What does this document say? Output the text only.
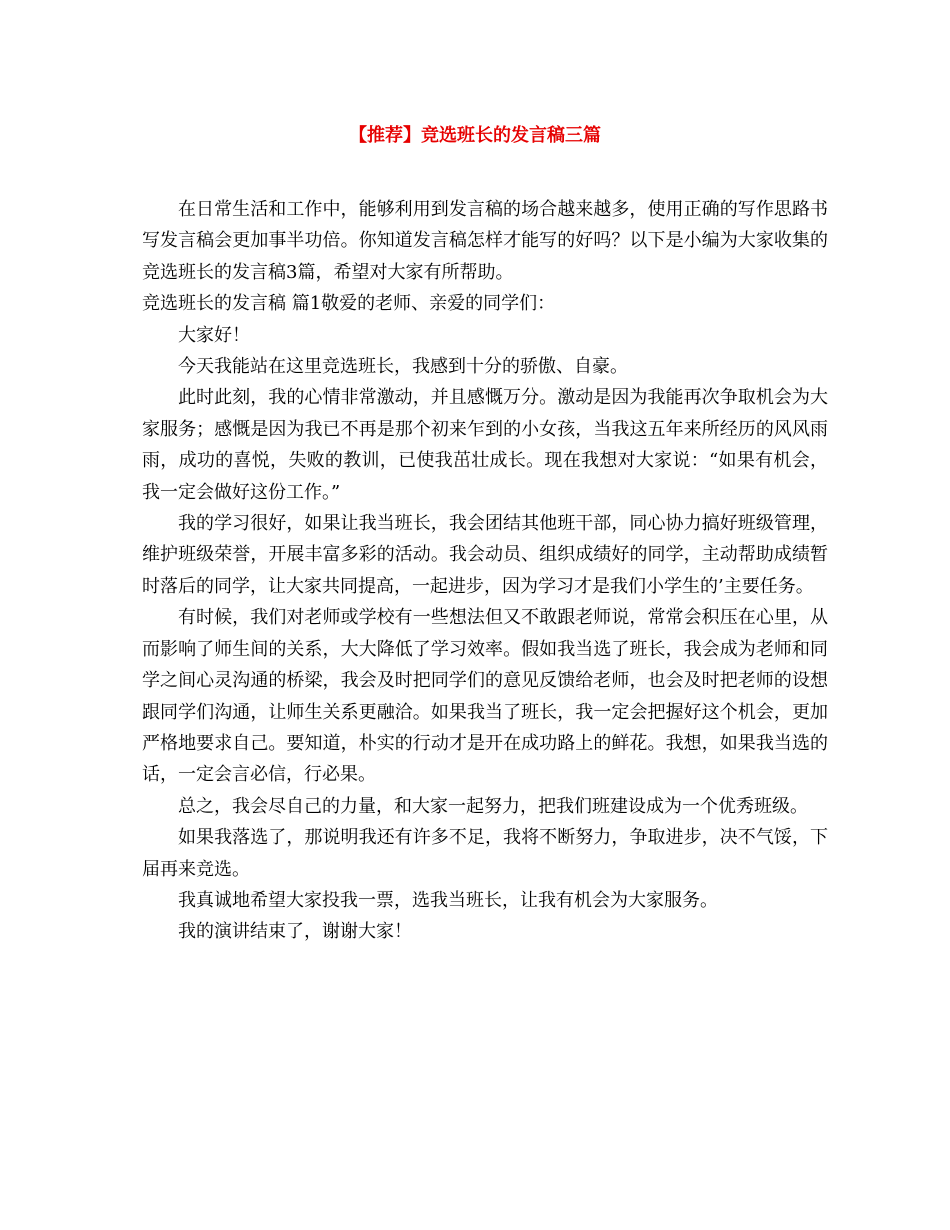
【推荐】竞选班长的发言稿三篇

在日常生活和工作中，能够利用到发言稿的场合越来越多，使用正确的写作思路书写发言稿会更加事半功倍。你知道发言稿怎样才能写的好吗？以下是小编为大家收集的竞选班长的发言稿3篇，希望对大家有所帮助。

竞选班长的发言稿 篇1敬爱的老师、亲爱的同学们：

大家好！

今天我能站在这里竞选班长，我感到十分的骄傲、自豪。

此时此刻，我的心情非常激动，并且感慨万分。激动是因为我能再次争取机会为大家服务；感慨是因为我已不再是那个初来乍到的小女孩，当我这五年来所经历的风风雨雨，成功的喜悦，失败的教训，已使我茁壮成长。现在我想对大家说：“如果有机会，我一定会做好这份工作。”

我的学习很好，如果让我当班长，我会团结其他班干部，同心协力搞好班级管理，维护班级荣誉，开展丰富多彩的活动。我会动员、组织成绩好的同学，主动帮助成绩暂时落后的同学，让大家共同提高，一起进步，因为学习才是我们小学生的’主要任务。

有时候，我们对老师或学校有一些想法但又不敢跟老师说，常常会积压在心里，从而影响了师生间的关系，大大降低了学习效率。假如我当选了班长，我会成为老师和同学之间心灵沟通的桥梁，我会及时把同学们的意见反馈给老师，也会及时把老师的设想跟同学们沟通，让师生关系更融洽。如果我当了班长，我一定会把握好这个机会，更加严格地要求自己。要知道，朴实的行动才是开在成功路上的鲜花。我想，如果我当选的话，一定会言必信，行必果。

总之，我会尽自己的力量，和大家一起努力，把我们班建设成为一个优秀班级。

如果我落选了，那说明我还有许多不足，我将不断努力，争取进步，决不气馁，下届再来竞选。

我真诚地希望大家投我一票，选我当班长，让我有机会为大家服务。

我的演讲结束了，谢谢大家！
